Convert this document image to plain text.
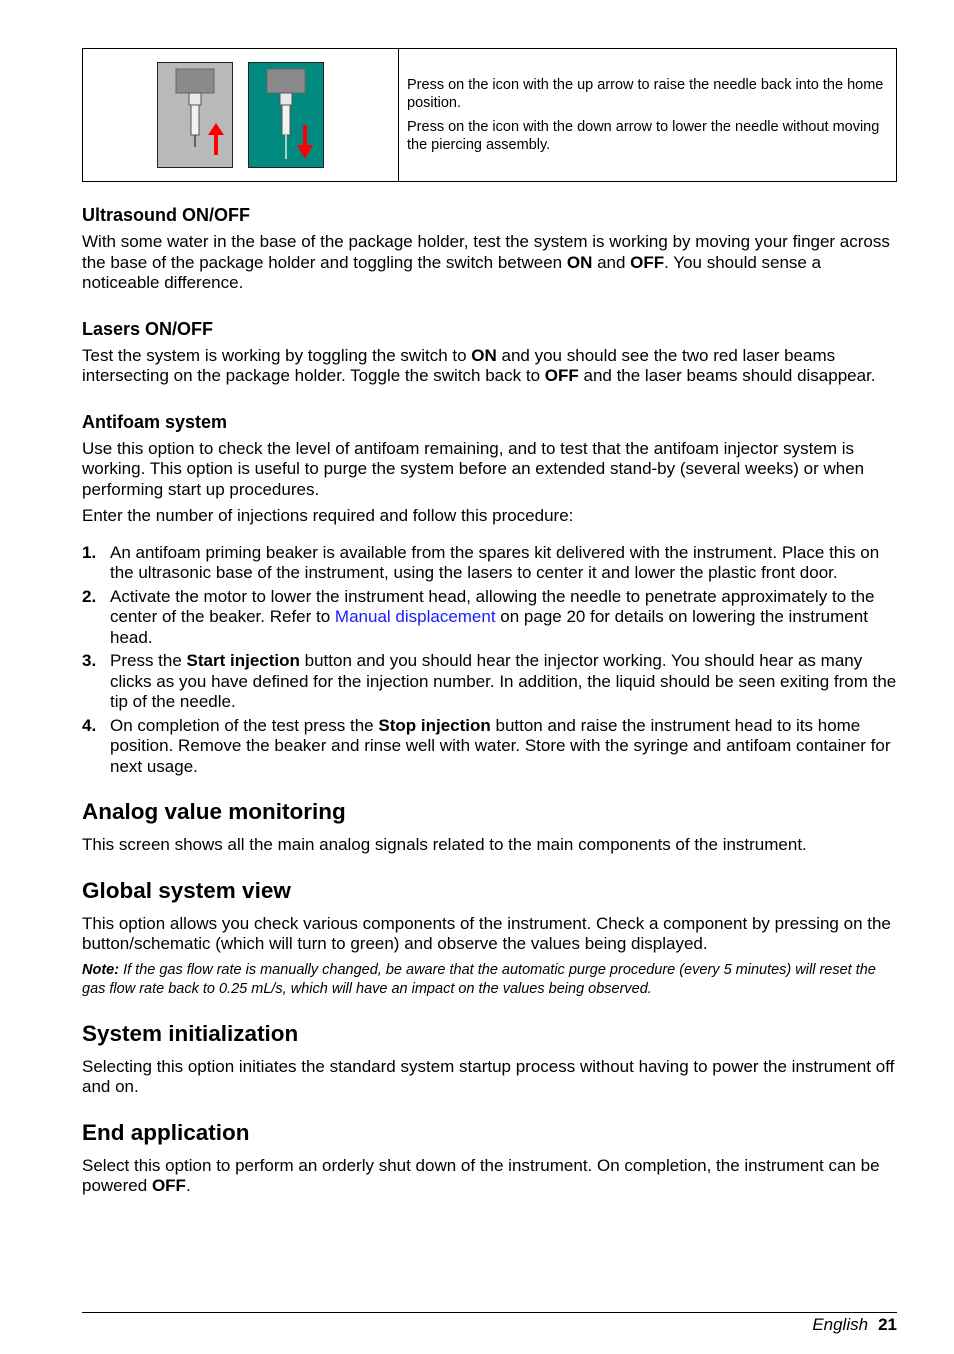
Press on the icon with the up arrow to raise the needle back into the home position.

Press on the icon with the down arrow to lower the needle without moving the piercing assembly.

Ultrasound ON/OFF

With some water in the base of the package holder, test the system is working by moving your finger across the base of the package holder and toggling the switch between ON and OFF. You should sense a noticeable difference.

Lasers ON/OFF

Test the system is working by toggling the switch to ON and you should see the two red laser beams intersecting on the package holder. Toggle the switch back to OFF and the laser beams should disappear.

Antifoam system

Use this option to check the level of antifoam remaining, and to test that the antifoam injector system is working. This option is useful to purge the system before an extended stand-by (several weeks) or when performing start up procedures.

Enter the number of injections required and follow this procedure:

1. An antifoam priming beaker is available from the spares kit delivered with the instrument. Place this on the ultrasonic base of the instrument, using the lasers to center it and lower the plastic front door.
2. Activate the motor to lower the instrument head, allowing the needle to penetrate approximately to the center of the beaker. Refer to Manual displacement on page 20 for details on lowering the instrument head.
3. Press the Start injection button and you should hear the injector working. You should hear as many clicks as you have defined for the injection number. In addition, the liquid should be seen exiting from the tip of the needle.
4. On completion of the test press the Stop injection button and raise the instrument head to its home position. Remove the beaker and rinse well with water. Store with the syringe and antifoam container for next usage.
Analog value monitoring

This screen shows all the main analog signals related to the main components of the instrument.

Global system view

This option allows you check various components of the instrument. Check a component by pressing on the button/schematic (which will turn to green) and observe the values being displayed.

Note: If the gas flow rate is manually changed, be aware that the automatic purge procedure (every 5 minutes) will reset the gas flow rate back to 0.25 mL/s, which will have an impact on the values being observed.

System initialization

Selecting this option initiates the standard system startup process without having to power the instrument off and on.

End application

Select this option to perform an orderly shut down of the instrument. On completion, the instrument can be powered OFF.

English 21
